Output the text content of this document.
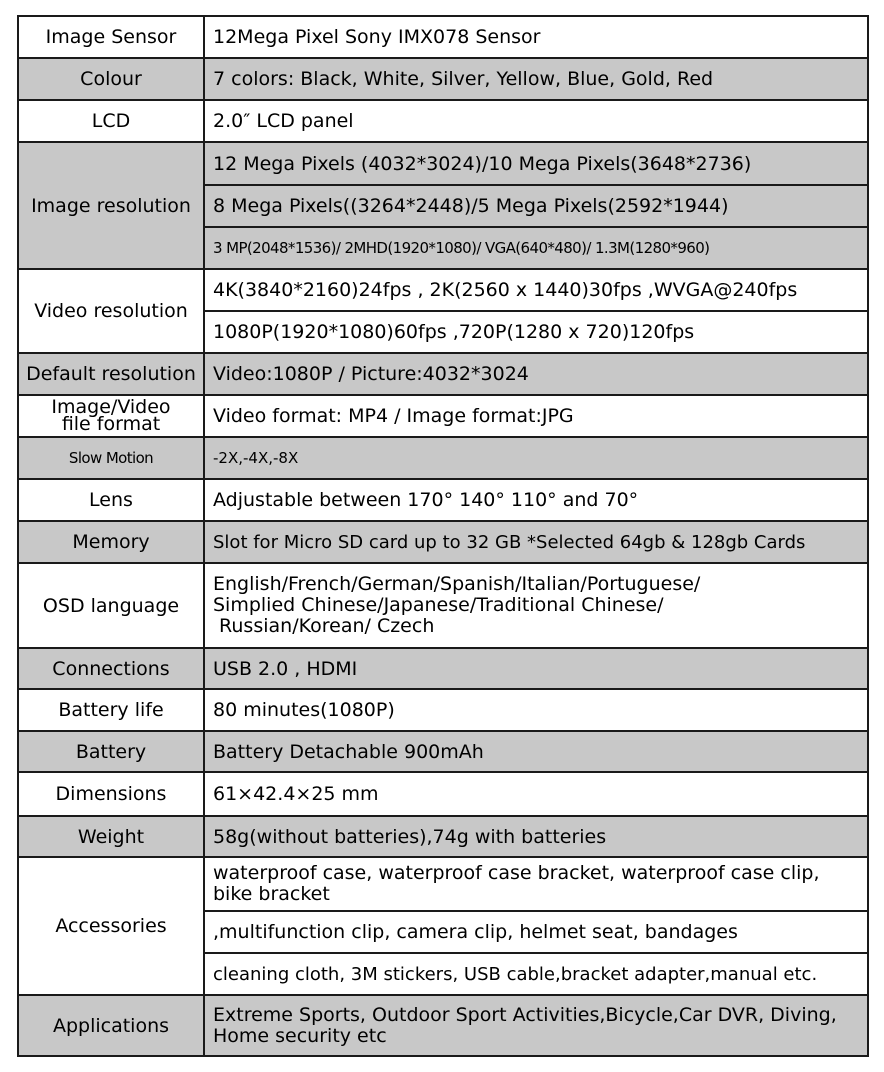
Image Sensor	12Mega Pixel Sony IMX078 Sensor
Colour	7 colors: Black, White, Silver, Yellow, Blue, Gold, Red
LCD	2.0″ LCD panel
Image resolution	12 Mega Pixels (4032*3024)/10 Mega Pixels(3648*2736)
	8 Mega Pixels((3264*2448)/5 Mega Pixels(2592*1944)
	3 MP(2048*1536)/ 2MHD(1920*1080)/ VGA(640*480)/ 1.3M(1280*960)
Video resolution	4K(3840*2160)24fps , 2K(2560 x 1440)30fps ,WVGA@240fps
	1080P(1920*1080)60fps ,720P(1280 x 720)120fps
Default resolution	Video:1080P / Picture:4032*3024

Image/Video
file format	Video format: MP4 / Image format:JPG
Slow Motion	-2X,-4X,-8X
Lens	Adjustable between 170° 140° 110° and 70°
Memory	Slot for Micro SD card up to 32 GB *Selected 64gb & 128gb Cards
OSD language	English/French/German/Spanish/Italian/Portuguese/
Simplied Chinese/Japanese/Traditional Chinese/
Russian/Korean/ Czech

Connections	USB 2.0 , HDMI
Battery life	80 minutes(1080P)
Battery	Battery Detachable 900mAh
Dimensions	61×42.4×25 mm
Weight	58g(without batteries),74g with batteries
Accessories	waterproof case, waterproof case bracket, waterproof case clip,
bike bracket

	,multifunction clip, camera clip, helmet seat, bandages
	cleaning cloth, 3M stickers, USB cable,bracket adapter,manual etc.
Applications	Extreme Sports, Outdoor Sport Activities,Bicycle,Car DVR, Diving,
Home security etc
